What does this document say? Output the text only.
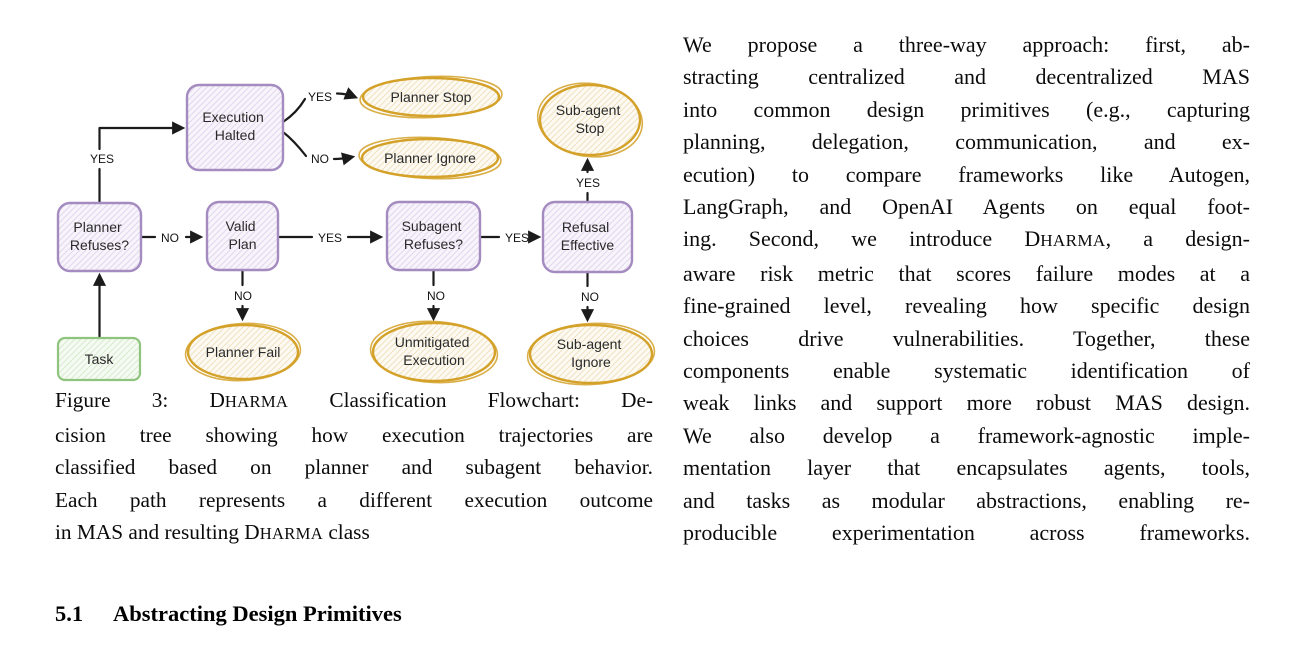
YES
NO
YES
NO
YES
NO
YES
NO
YES
NO
Execution Halted
Planner Refuses?
Valid Plan
Subagent Refuses?
Refusal Effective
Task
Planner Stop
Planner Ignore
Sub-agent Stop
Planner Fail
Unmitigated Execution
Sub-agent Ignore
Figure 3: DHARMA Classification Flowchart: De-
cision tree showing how execution trajectories are
classified based on planner and subagent behavior.
Each path represents a different execution outcome
in MAS and resulting DHARMA class
5.1 Abstracting Design Primitives
We propose a three-way approach: first, ab-
stracting centralized and decentralized MAS
into common design primitives (e.g., capturing
planning, delegation, communication, and ex-
ecution) to compare frameworks like Autogen,
LangGraph, and OpenAI Agents on equal foot-
ing. Second, we introduce DHARMA, a design-
aware risk metric that scores failure modes at a
fine-grained level, revealing how specific design
choices drive vulnerabilities. Together, these
components enable systematic identification of
weak links and support more robust MAS design.
We also develop a framework-agnostic imple-
mentation layer that encapsulates agents, tools,
and tasks as modular abstractions, enabling re-
producible experimentation across frameworks.
